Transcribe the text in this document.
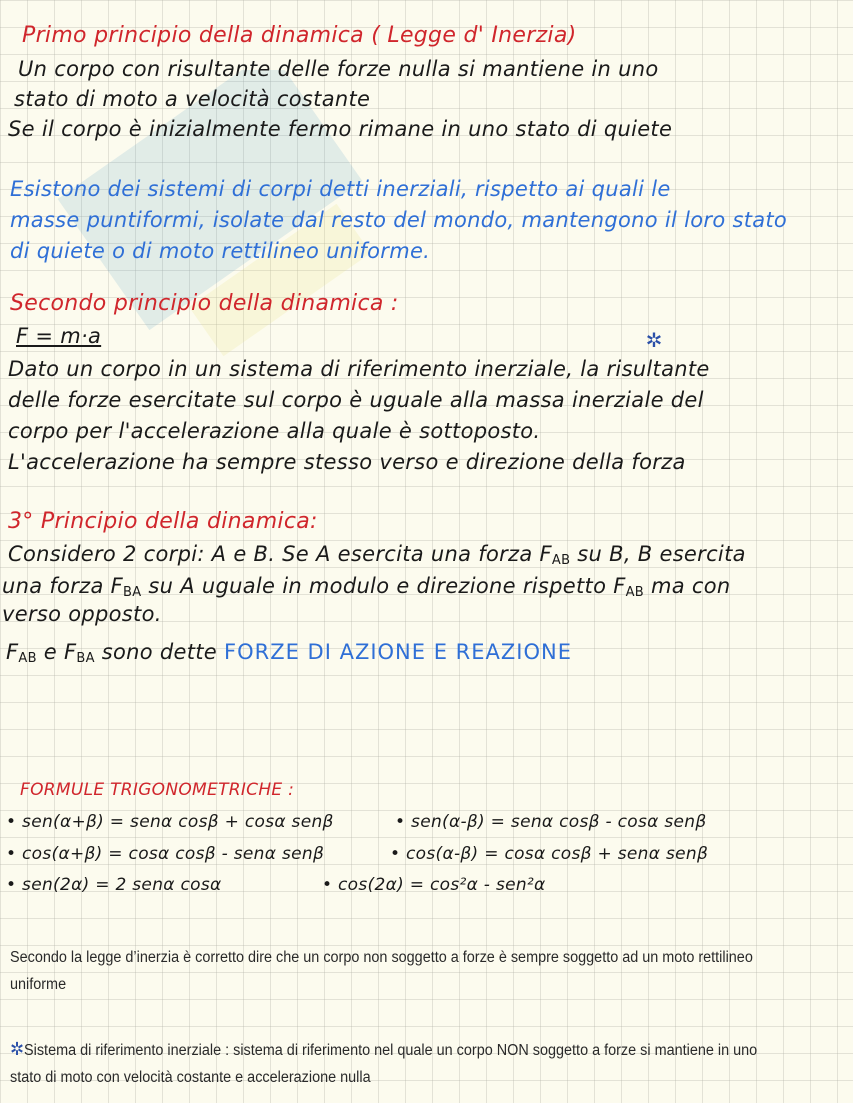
Primo principio della dinamica ( Legge d' Inerzia)
Un corpo con risultante delle forze nulla si mantiene in uno
stato di moto a velocità costante
Se il corpo è inizialmente fermo rimane in uno stato di quiete
Esistono dei sistemi di corpi detti inerziali, rispetto ai quali le
masse puntiformi, isolate dal resto del mondo, mantengono il loro stato
di quiete o di moto rettilineo uniforme.
Secondo principio della dinamica :
F = m·a	✲
Dato un corpo in un sistema di riferimento inerziale, la risultante
delle forze esercitate sul corpo è uguale alla massa inerziale del
corpo per l'accelerazione alla quale è sottoposto.
L'accelerazione ha sempre stesso verso e direzione della forza
3° Principio della dinamica:
Considero 2 corpi: A e B. Se A esercita una forza $F_{AB}$ su B, B esercita
una forza $F_{BA}$ su A uguale in modulo e direzione rispetto $F_{AB}$ ma con
verso opposto.
$F_{AB}$ e $F_{BA}$ sono dette FORZE DI AZIONE E REAZIONE
FORMULE TRIGONOMETRICHE :
• sen(α+β) = senα cosβ + cosα senβ	• sen(α-β) = senα cosβ - cosα senβ
• cos(α+β) = cosα cosβ - senα senβ	• cos(α-β) = cosα cosβ + senα senβ
• sen(2α) = 2 senα cosα	• cos(2α) = cos²α - sen²α
Secondo la legge d’inerzia è corretto dire che un corpo non soggetto a forze è sempre soggetto ad un moto rettilineo uniforme
✲Sistema di riferimento inerziale : sistema di riferimento nel quale un corpo NON soggetto a forze si mantiene in uno stato di moto con velocità costante e accelerazione nulla
